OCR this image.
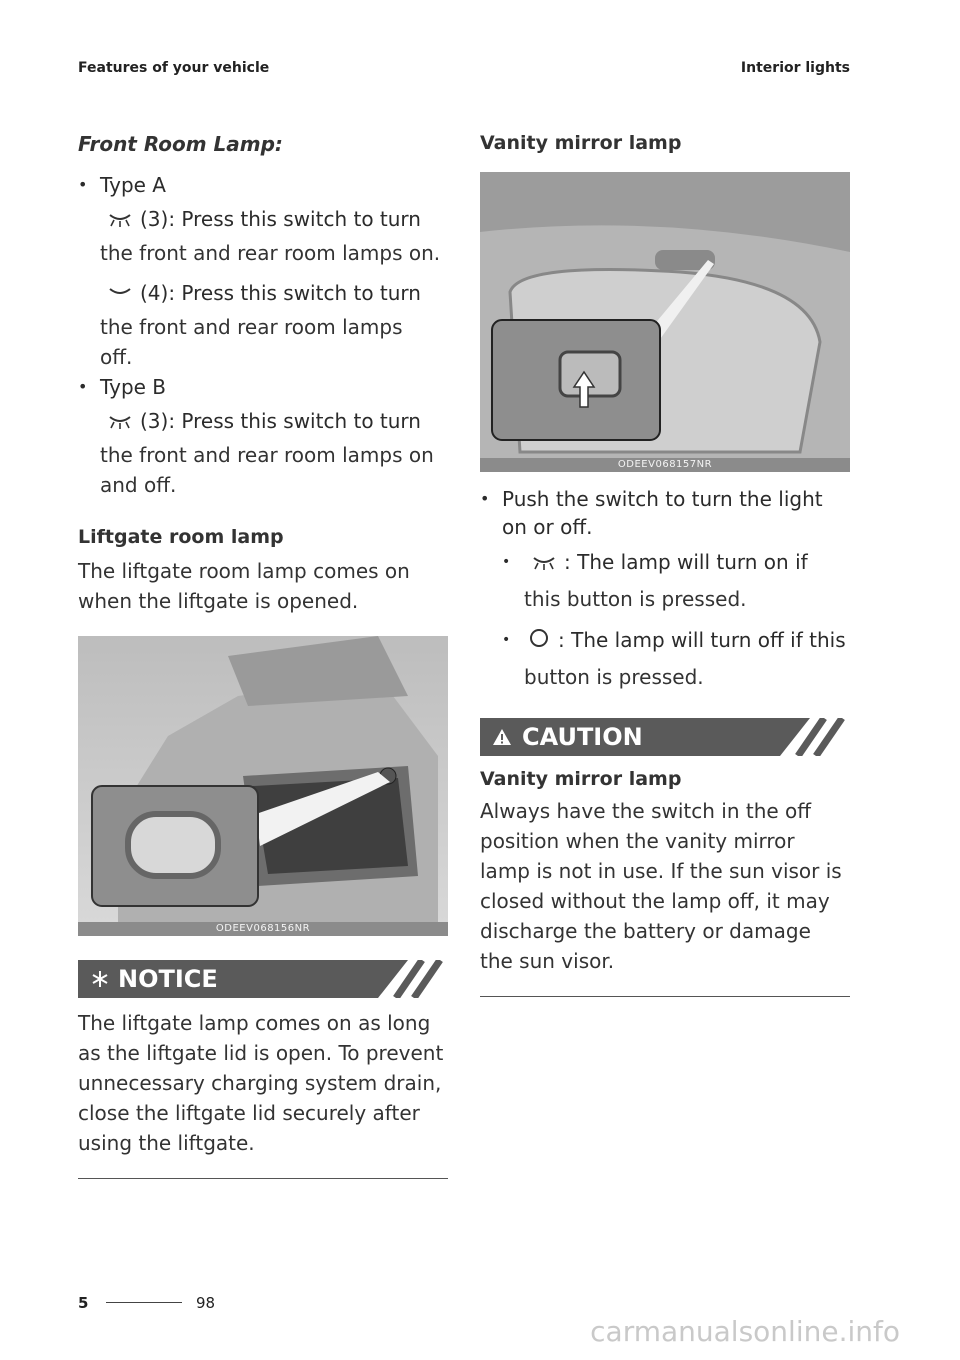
Features of your vehicle	Interior lights
Front Room Lamp:
• Type A
(3): Press this switch to turn
the front and rear room lamps on.
(4): Press this switch to turn
the front and rear room lamps
off.
• Type B
(3): Press this switch to turn
the front and rear room lamps on
and off.
Liftgate room lamp
The liftgate room lamp comes on
when the liftgate is opened.
ODEEV068156NR
NOTICE
The liftgate lamp comes on as long
as the liftgate lid is open. To prevent
unnecessary charging system drain,
close the liftgate lid securely after
using the liftgate.
Vanity mirror lamp
ODEEV068157NR
• Push the switch to turn the light
on or off.
•	: The lamp will turn on if
this button is pressed.
• : The lamp will turn off if this
button is pressed.
CAUTION
Vanity mirror lamp
Always have the switch in the off
position when the vanity mirror
lamp is not in use. If the sun visor is
closed without the lamp off, it may
discharge the battery or damage
the sun visor.
5	98
carmanualsonline.info
